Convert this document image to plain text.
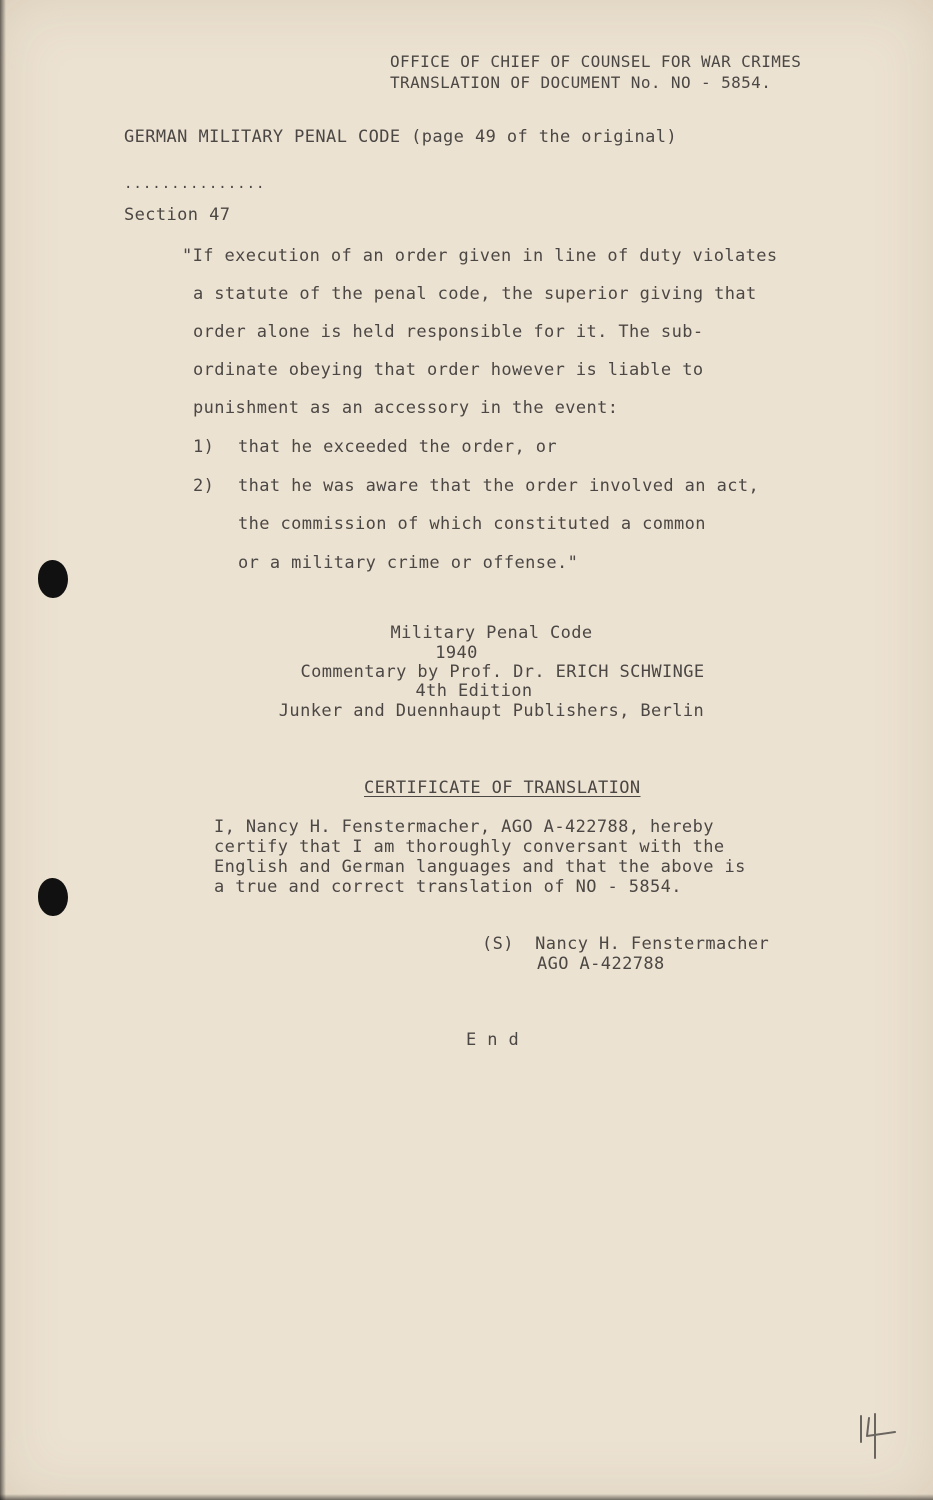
OFFICE OF CHIEF OF COUNSEL FOR WAR CRIMES
TRANSLATION OF DOCUMENT No. NO - 5854.
GERMAN MILITARY PENAL CODE (page 49 of the original)
...............
Section 47
"If execution of an order given in line of duty violates
a statute of the penal code, the superior giving that
order alone is held responsible for it. The sub-
ordinate obeying that order however is liable to
punishment as an accessory in the event:
1) that he exceeded the order, or
2) that he was aware that the order involved an act,
the commission of which constituted a common
or a military crime or offense."
Military Penal Code
1940
Commentary by Prof. Dr. ERICH SCHWINGE
4th Edition
Junker and Duennhaupt Publishers, Berlin
CERTIFICATE OF TRANSLATION
I, Nancy H. Fenstermacher, AGO A-422788, hereby
certify that I am thoroughly conversant with the
English and German languages and that the above is
a true and correct translation of NO - 5854.
(S)  Nancy H. Fenstermacher
AGO A-422788
E n d
